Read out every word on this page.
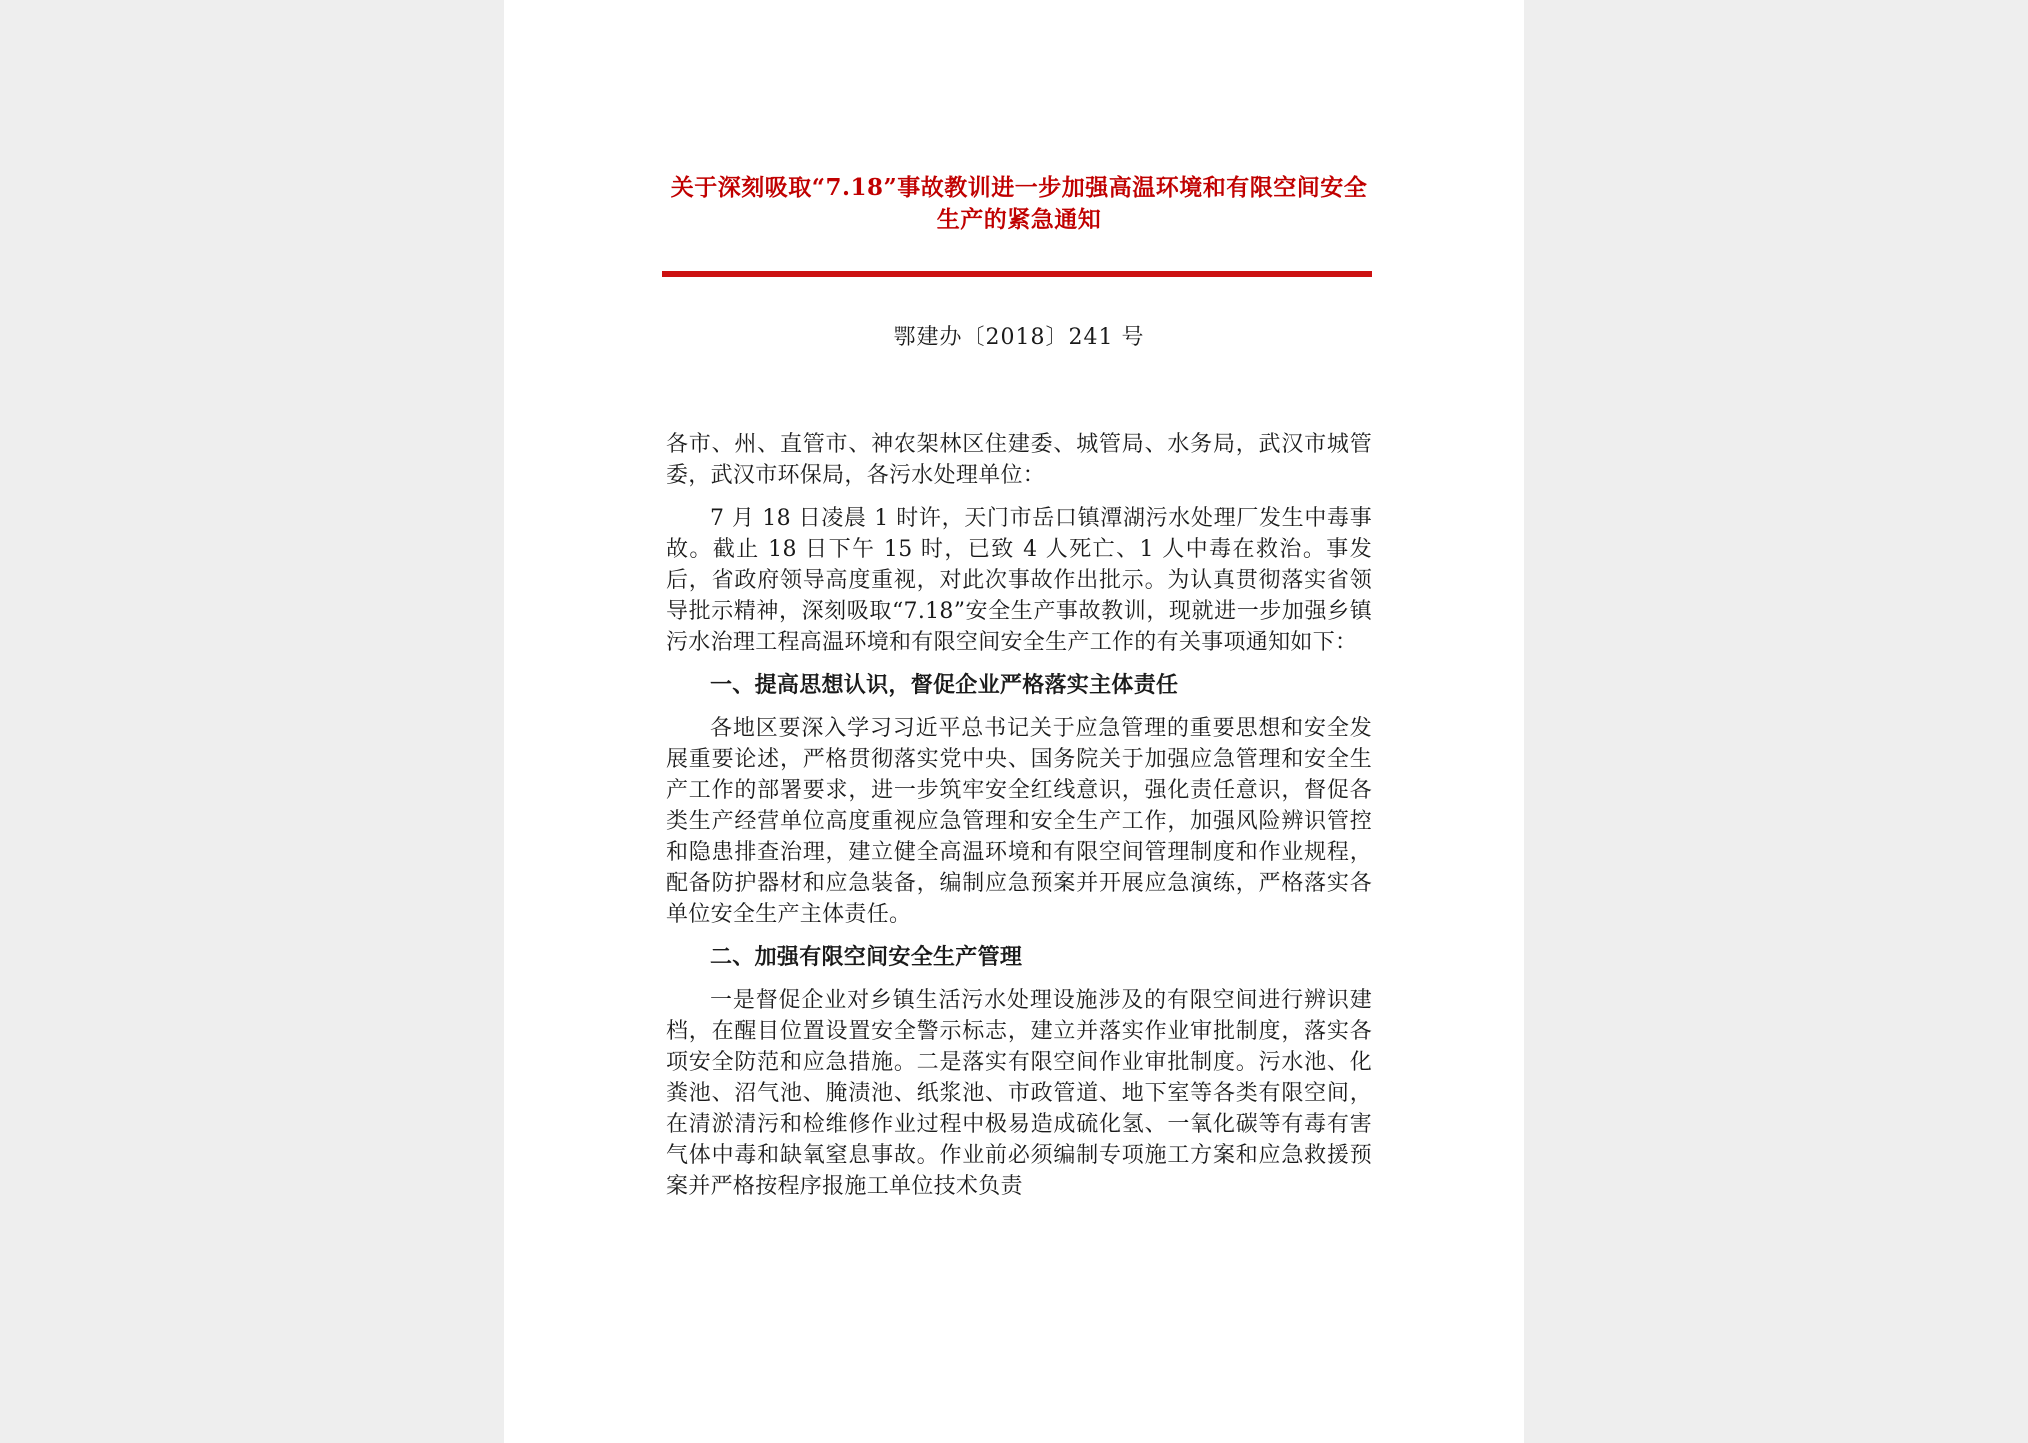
关于深刻吸取“7.18”事故教训进一步加强高温环境和有限空间安全生产的紧急通知
鄂建办〔2018〕241 号

各市、州、直管市、神农架林区住建委、城管局、水务局，武汉市城管委，武汉市环保局，各污水处理单位：

7 月 18 日凌晨 1 时许，天门市岳口镇潭湖污水处理厂发生中毒事故。截止 18 日下午 15 时，已致 4 人死亡、1 人中毒在救治。事发后，省政府领导高度重视，对此次事故作出批示。为认真贯彻落实省领导批示精神，深刻吸取“7.18”安全生产事故教训，现就进一步加强乡镇污水治理工程高温环境和有限空间安全生产工作的有关事项通知如下：

一、提高思想认识，督促企业严格落实主体责任

各地区要深入学习习近平总书记关于应急管理的重要思想和安全发展重要论述，严格贯彻落实党中央、国务院关于加强应急管理和安全生产工作的部署要求，进一步筑牢安全红线意识，强化责任意识，督促各类生产经营单位高度重视应急管理和安全生产工作，加强风险辨识管控和隐患排查治理，建立健全高温环境和有限空间管理制度和作业规程，配备防护器材和应急装备，编制应急预案并开展应急演练，严格落实各单位安全生产主体责任。

二、加强有限空间安全生产管理

一是督促企业对乡镇生活污水处理设施涉及的有限空间进行辨识建档，在醒目位置设置安全警示标志，建立并落实作业审批制度，落实各项安全防范和应急措施。二是落实有限空间作业审批制度。污水池、化粪池、沼气池、腌渍池、纸浆池、市政管道、地下室等各类有限空间，在清淤清污和检维修作业过程中极易造成硫化氢、一氧化碳等有毒有害气体中毒和缺氧窒息事故。作业前必须编制专项施工方案和应急救援预案并严格按程序报施工单位技术负责
